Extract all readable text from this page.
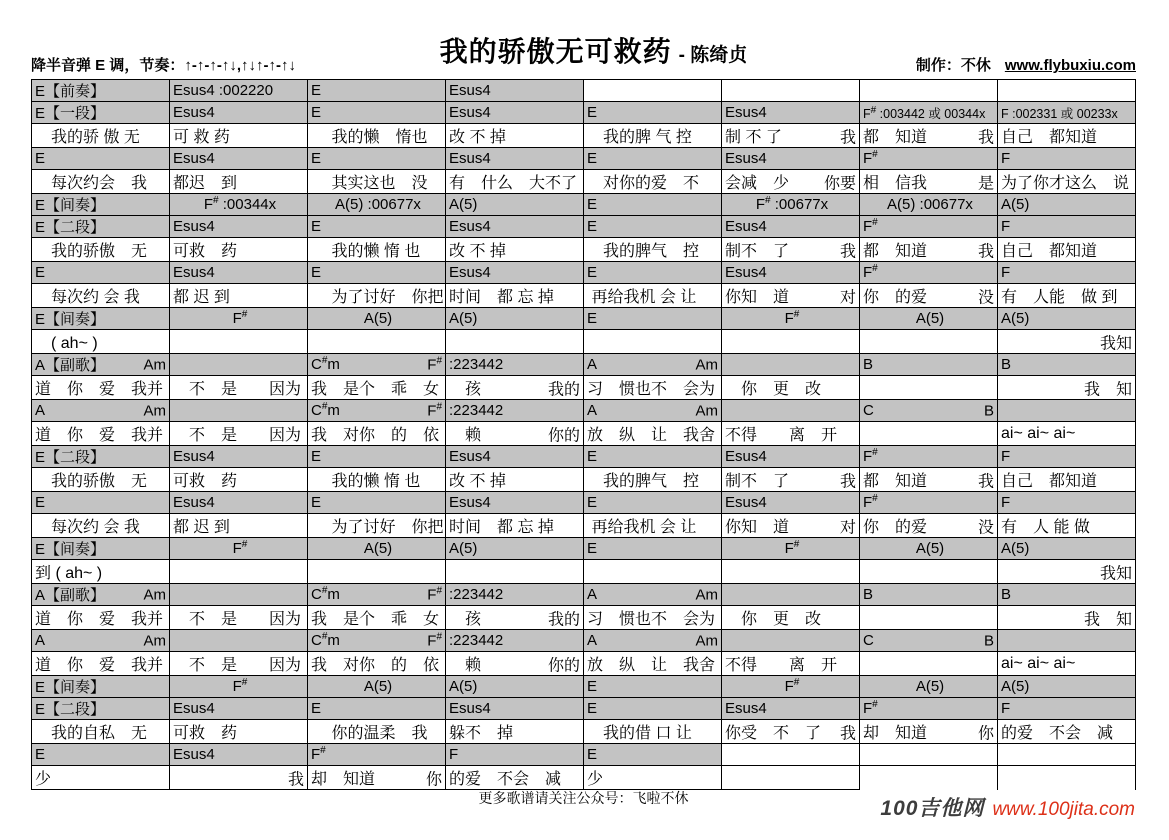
我的骄傲无可救药 - 陈绮贞

降半音弹 E 调，节奏：↑-↑-↑-↑↓,↑↓↑-↑-↑↓	制作：不休 www.flybuxiu.com
E【前奏】	Esus4 :002220	E	Esus4				
E【一段】	Esus4	E	Esus4	E	Esus4	F# :003442 或 00344x	F :002331 或 00233x
　我的骄 傲 无	可 救 药	　 我的懒　惰也	改 不 掉	　我的脾 气 控	制 不 了 我	都　知道 我	自己　都知道
E	Esus4	E	Esus4	E	Esus4	F#	F
　每次约会　我	都迟　到	　 其实这也　没	有　什么　大不了	　对你的爱　不	会减　少 你要	相　信我 是	为了你才这么　说
E【间奏】	F# :00344x	A(5) :00677x	A(5)	E	F# :00677x	A(5) :00677x	A(5)
E【二段】	Esus4	E	Esus4	E	Esus4	F#	F
　我的骄傲　无	可救　药	　 我的懒 惰 也	改 不 掉	　我的脾气　控	制不　了 我	都　知道 我	自己　都知道
E	Esus4	E	Esus4	E	Esus4	F#	F
　每次约 会 我	都 迟 到	　 为了讨好　你把	时间　都 忘 掉	再给我机 会 让	你知　道 对	你　的爱 没	有　人能　做 到
E【间奏】	F#	A(5)	A(5)	E	F#	A(5)	A(5)
　( ah~ )							我知

A【副歌】 Am		C#m F#	:223442	A Am		B	B
道　你　爱　我并	　不　是　　因为	我　是个　乖　女	　孩 我的	习　惯也不　会为	　你　更　改		我　知

A Am		C#m F#	:223442	A Am		C B	

道　你　爱　我并	　不　是　　因为	我　对你　的　依	　赖 你的	放　纵　让　我舍	不得　　离　开		ai~ ai~ ai~
E【二段】	Esus4	E	Esus4	E	Esus4	F#	F
　我的骄傲　无	可救　药	　 我的懒 惰 也	改 不 掉	　我的脾气　控	制不　了 我	都　知道 我	自己　都知道
E	Esus4	E	Esus4	E	Esus4	F#	F
　每次约 会 我	都 迟 到	　 为了讨好　你把	时间　都 忘 掉	再给我机 会 让	你知　道 对	你　的爱 没	有　人 能 做
E【间奏】	F#	A(5)	A(5)	E	F#	A(5)	A(5)
到 ( ah~ )							我知

A【副歌】 Am		C#m F#	:223442	A Am		B	B
道　你　爱　我并	　不　是　　因为	我　是个　乖　女	　孩 我的	习　惯也不　会为	　你　更　改		我　知

A Am		C#m F#	:223442	A Am		C B	

道　你　爱　我并	　不　是　　因为	我　对你　的　依	　赖 你的	放　纵　让　我舍	不得　　离　开		ai~ ai~ ai~
E【间奏】	F#	A(5)	A(5)	E	F#	A(5)	A(5)
E【二段】	Esus4	E	Esus4	E	Esus4	F#	F
　我的自私　无	可救　药	　 你的温柔　我	躲不　掉	　我的借 口 让	你受　不　了 我	却　知道 你	的爱　不会　减
E	Esus4	F#	F	E			
少	我	却　知道 你	的爱　不会　减	少			
更多歌谱请关注公众号：飞啦不休	100吉他网 www.100jita.com
